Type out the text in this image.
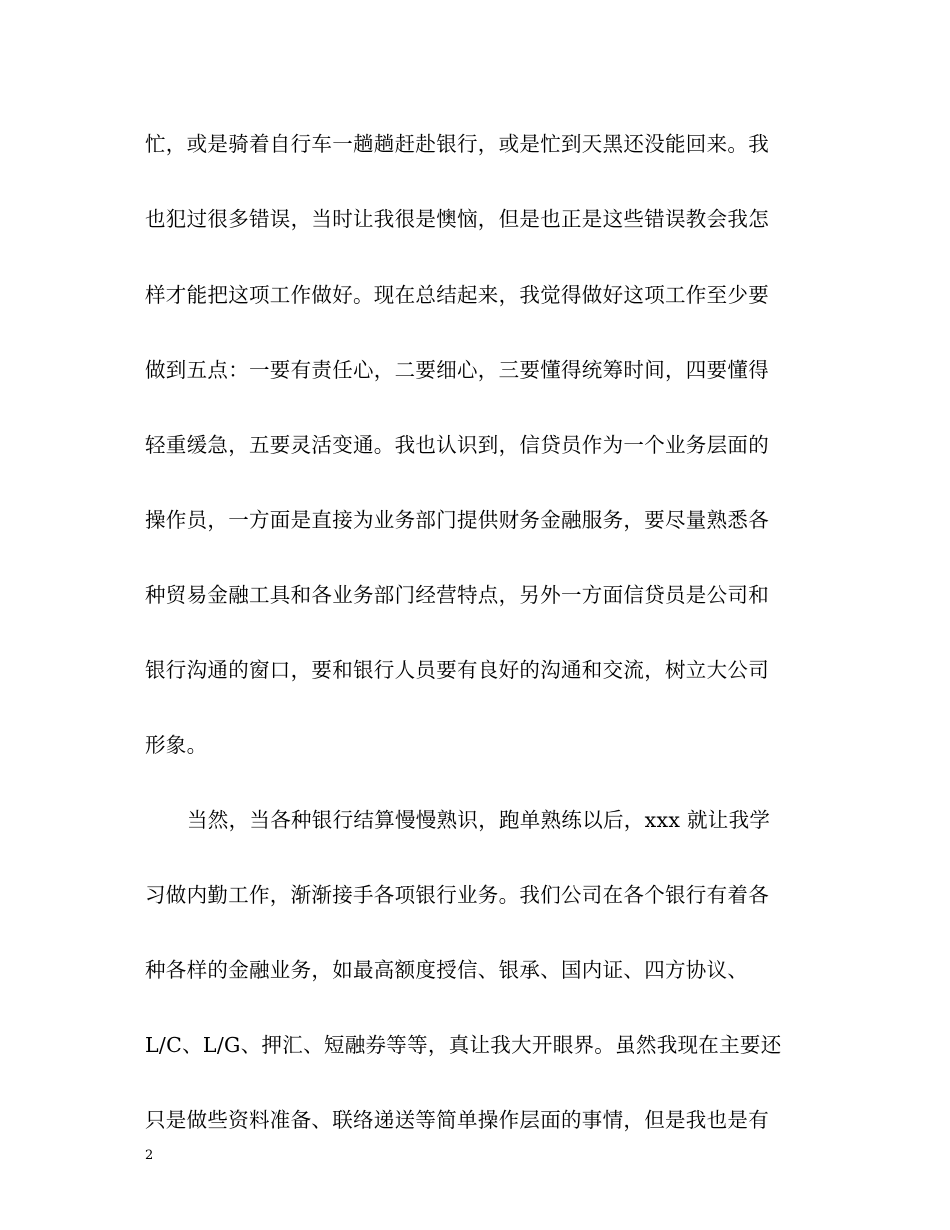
忙，或是骑着自行车一趟趟赶赴银行，或是忙到天黑还没能回来。我
也犯过很多错误，当时让我很是懊恼，但是也正是这些错误教会我怎
样才能把这项工作做好。现在总结起来，我觉得做好这项工作至少要
做到五点：一要有责任心，二要细心，三要懂得统筹时间，四要懂得
轻重缓急，五要灵活变通。我也认识到，信贷员作为一个业务层面的
操作员，一方面是直接为业务部门提供财务金融服务，要尽量熟悉各
种贸易金融工具和各业务部门经营特点，另外一方面信贷员是公司和
银行沟通的窗口，要和银行人员要有良好的沟通和交流，树立大公司
形象。
当然，当各种银行结算慢慢熟识，跑单熟练以后，xxx 就让我学
习做内勤工作，渐渐接手各项银行业务。我们公司在各个银行有着各
种各样的金融业务，如最高额度授信、银承、国内证、四方协议、
L/C、L/G、押汇、短融券等等，真让我大开眼界。虽然我现在主要还
只是做些资料准备、联络递送等简单操作层面的事情，但是我也是有
2
